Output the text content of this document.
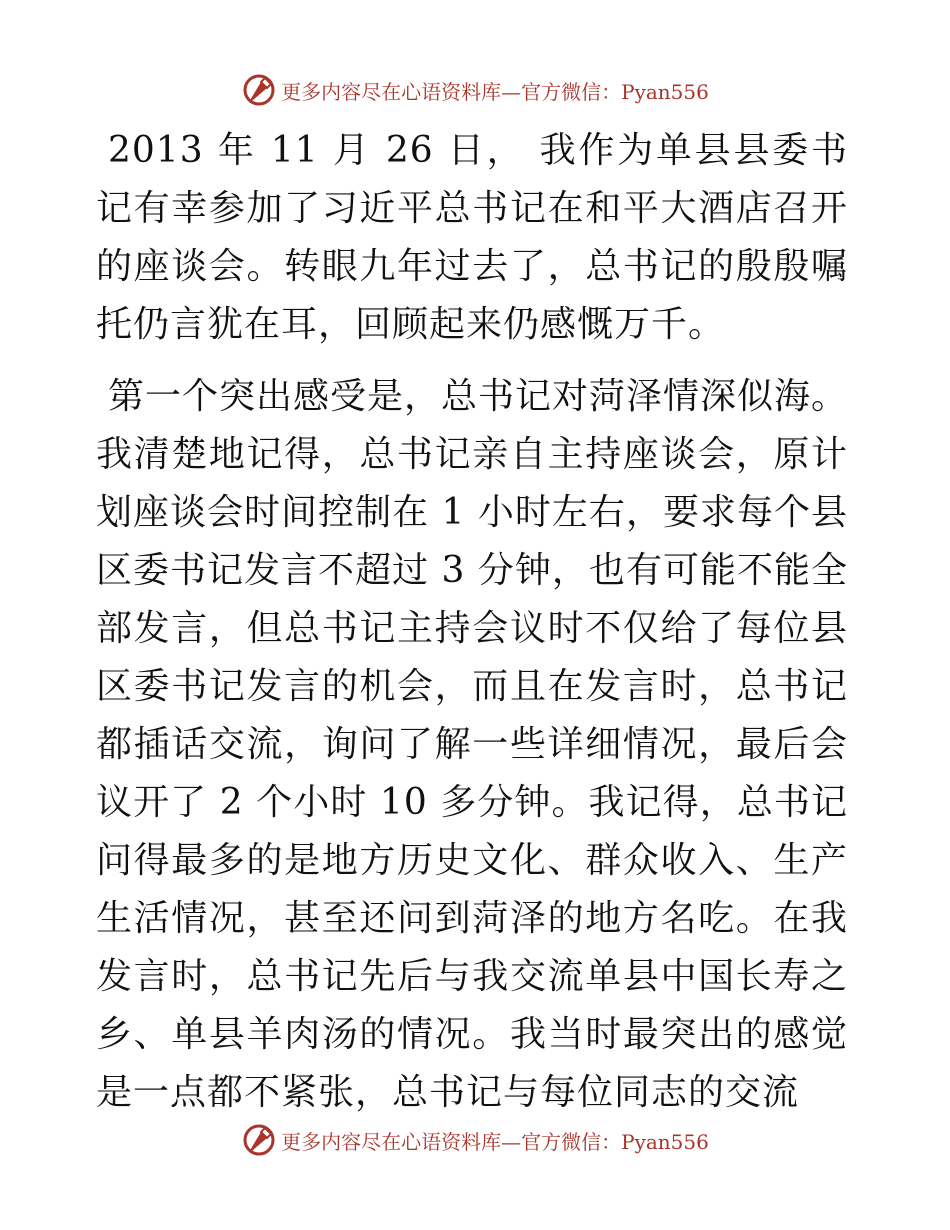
更多内容尽在心语资料库—官方微信：Pyan556

2013 年 11 月 26 日， 我作为单县县委书记有幸参加了习近平总书记在和平大酒店召开的座谈会。转眼九年过去了，总书记的殷殷嘱托仍言犹在耳，回顾起来仍感慨万千。

第一个突出感受是，总书记对菏泽情深似海。我清楚地记得，总书记亲自主持座谈会，原计划座谈会时间控制在 1 小时左右，要求每个县区委书记发言不超过 3 分钟，也有可能不能全部发言，但总书记主持会议时不仅给了每位县区委书记发言的机会，而且在发言时，总书记都插话交流，询问了解一些详细情况，最后会议开了 2 个小时 10 多分钟。我记得，总书记问得最多的是地方历史文化、群众收入、生产生活情况，甚至还问到菏泽的地方名吃。在我发言时，总书记先后与我交流单县中国长寿之乡、单县羊肉汤的情况。我当时最突出的感觉是一点都不紧张，总书记与每位同志的交流

更多内容尽在心语资料库—官方微信：Pyan556
